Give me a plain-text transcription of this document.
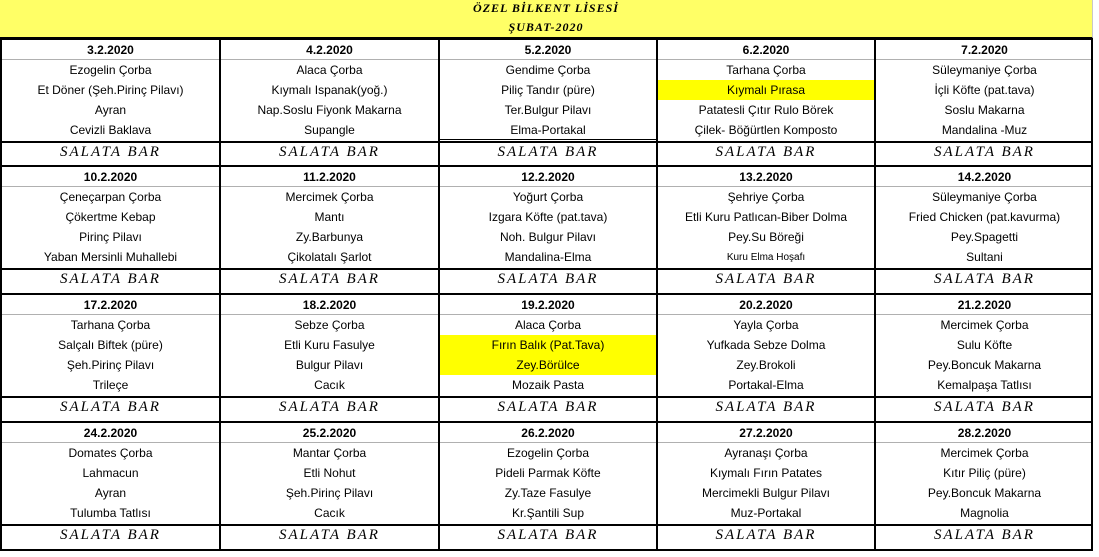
ÖZEL BİLKENT LİSESİ
ŞUBAT-2020
3.2.2020
Ezogelin Çorba
Et Döner (Şeh.Pirinç Pilavı)
Ayran
Cevizli Baklava
SALATA BAR
4.2.2020
Alaca Çorba
Kıymalı Ispanak(yoğ.)
Nap.Soslu Fiyonk Makarna
Supangle
SALATA BAR
5.2.2020
Gendime Çorba
Piliç Tandır (püre)
Ter.Bulgur Pilavı
Elma-Portakal
SALATA BAR
6.2.2020
Tarhana Çorba
Kıymalı Pırasa
Patatesli Çıtır Rulo Börek
Çilek- Böğürtlen Komposto
SALATA BAR
7.2.2020
Süleymaniye Çorba
İçli Köfte (pat.tava)
Soslu Makarna
Mandalina -Muz
SALATA BAR
10.2.2020
Çeneçarpan Çorba
Çökertme Kebap
Pirinç Pilavı
Yaban Mersinli Muhallebi
SALATA BAR
11.2.2020
Mercimek Çorba
Mantı
Zy.Barbunya
Çikolatalı Şarlot
SALATA BAR
12.2.2020
Yoğurt Çorba
Izgara Köfte (pat.tava)
Noh. Bulgur Pilavı
Mandalina-Elma
SALATA BAR
13.2.2020
Şehriye Çorba
Etli Kuru Patlıcan-Biber Dolma
Pey.Su Böreği
Kuru Elma Hoşafı
SALATA BAR
14.2.2020
Süleymaniye Çorba
Fried Chicken (pat.kavurma)
Pey.Spagetti
Sultani
SALATA BAR
17.2.2020
Tarhana Çorba
Salçalı Biftek (püre)
Şeh.Pirinç Pilavı
Trileçe
SALATA BAR
18.2.2020
Sebze Çorba
Etli Kuru Fasulye
Bulgur Pilavı
Cacık
SALATA BAR
19.2.2020
Alaca Çorba
Fırın Balık (Pat.Tava)
Zey.Börülce
Mozaik Pasta
SALATA BAR
20.2.2020
Yayla Çorba
Yufkada Sebze Dolma
Zey.Brokoli
Portakal-Elma
SALATA BAR
21.2.2020
Mercimek Çorba
Sulu Köfte
Pey.Boncuk Makarna
Kemalpaşa Tatlısı
SALATA BAR
24.2.2020
Domates Çorba
Lahmacun
Ayran
Tulumba Tatlısı
SALATA BAR
25.2.2020
Mantar Çorba
Etli Nohut
Şeh.Pirinç Pilavı
Cacık
SALATA BAR
26.2.2020
Ezogelin Çorba
Pideli Parmak Köfte
Zy.Taze Fasulye
Kr.Şantili Sup
SALATA BAR
27.2.2020
Ayranaşı Çorba
Kıymalı Fırın Patates
Mercimekli Bulgur Pilavı
Muz-Portakal
SALATA BAR
28.2.2020
Mercimek Çorba
Kıtır Piliç (püre)
Pey.Boncuk Makarna
Magnolia
SALATA BAR
